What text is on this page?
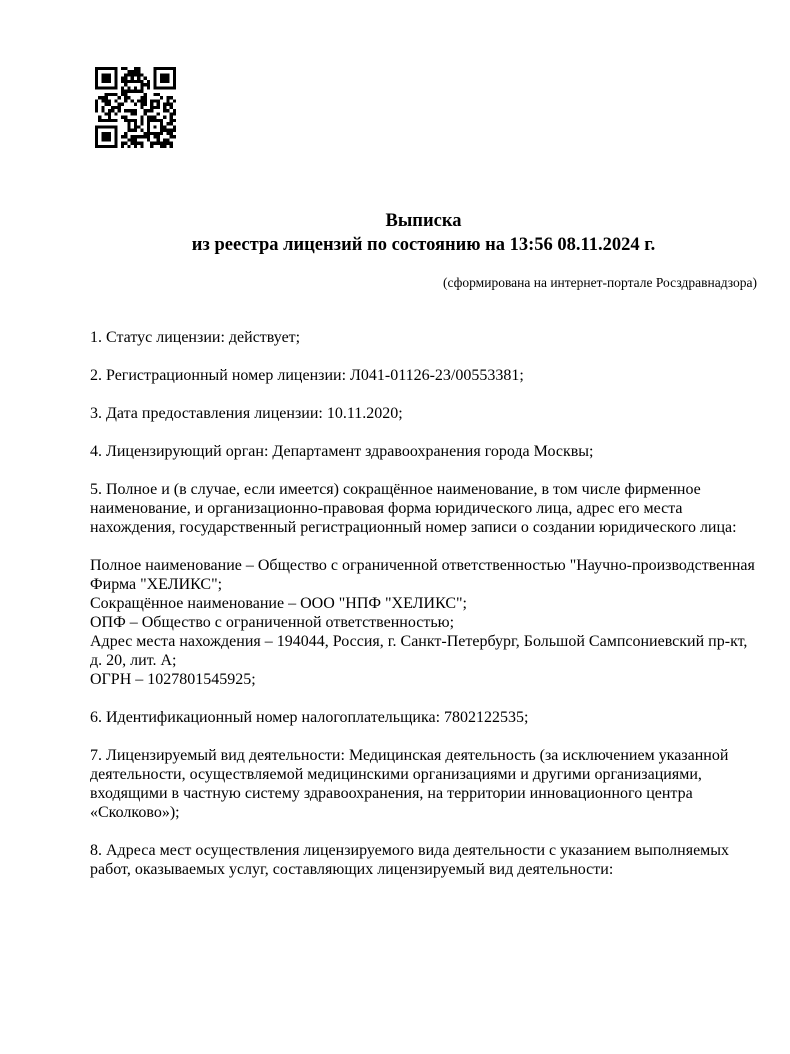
Выписка
из реестра лицензий по состоянию на 13:56 08.11.2024 г.
(сформирована на интернет-портале Росздравнадзора)
1. Статус лицензии: действует;
2. Регистрационный номер лицензии: Л041-01126-23/00553381;
3. Дата предоставления лицензии: 10.11.2020;
4. Лицензирующий орган: Департамент здравоохранения города Москвы;
5. Полное и (в случае, если имеется) сокращённое наименование, в том числе фирменное наименование, и организационно-правовая форма юридического лица, адрес его места нахождения, государственный регистрационный номер записи о создании юридического лица:
Полное наименование – Общество с ограниченной ответственностью "Научно-производственная Фирма "ХЕЛИКС";
Сокращённое наименование – ООО "НПФ "ХЕЛИКС";
ОПФ – Общество с ограниченной ответственностью;
Адрес места нахождения – 194044, Россия, г. Санкт-Петербург, Большой Сампсониевский пр-кт, д. 20, лит. А;
ОГРН – 1027801545925;
6. Идентификационный номер налогоплательщика: 7802122535;
7. Лицензируемый вид деятельности: Медицинская деятельность (за исключением указанной деятельности, осуществляемой медицинскими организациями и другими организациями, входящими в частную систему здравоохранения, на территории инновационного центра «Сколково»);
8. Адреса мест осуществления лицензируемого вида деятельности с указанием выполняемых работ, оказываемых услуг, составляющих лицензируемый вид деятельности:
